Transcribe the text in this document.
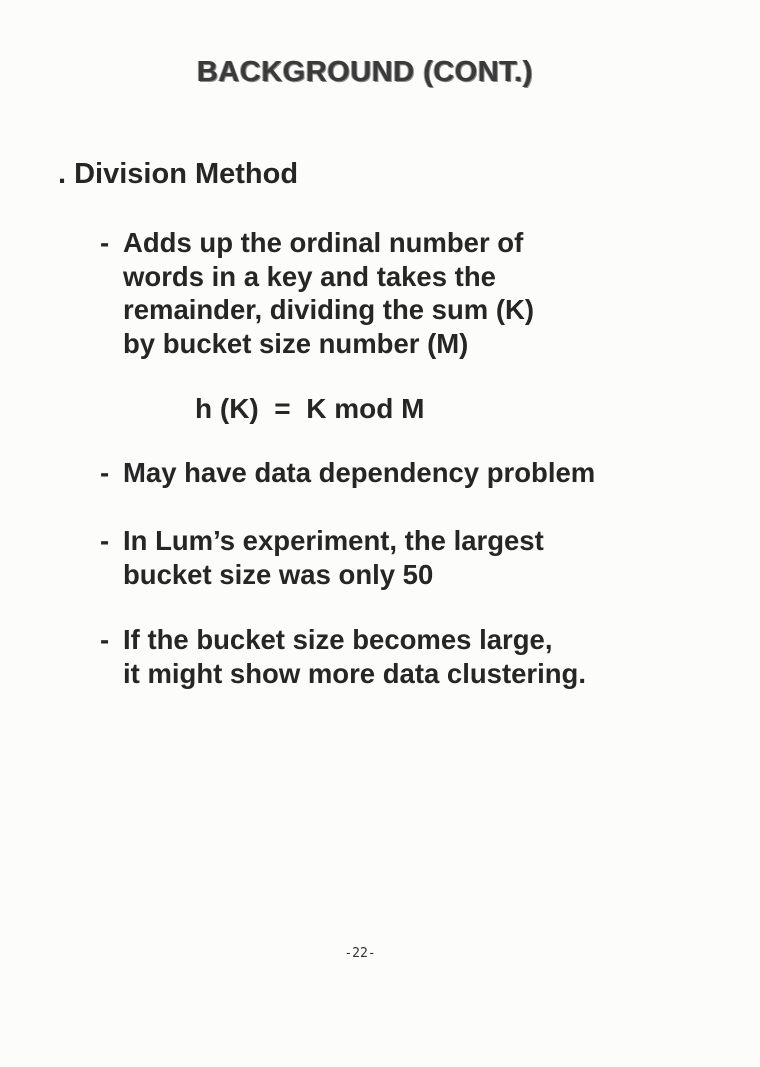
BACKGROUND (CONT.)
. Division Method
- Adds up the ordinal number of
words in a key and takes the
remainder, dividing the sum (K)
by bucket size number (M)
h (K)  =  K mod M
- May have data dependency problem
- In Lum’s experiment, the largest
bucket size was only 50
- If the bucket size becomes large,
it might show more data clustering.
-22-
